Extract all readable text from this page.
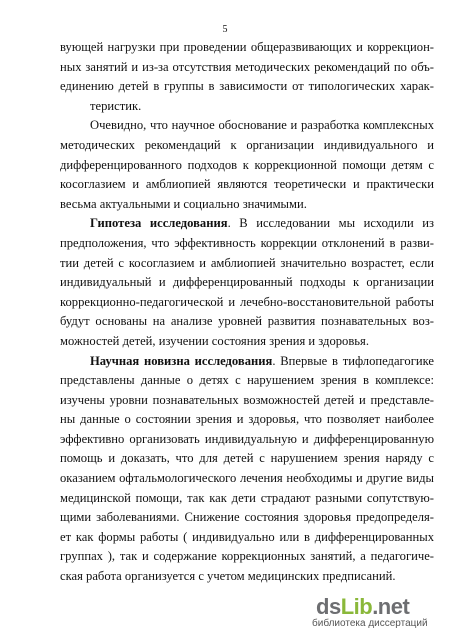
5
вующей нагрузки при проведении общеразвивающих и коррекцион-
ных занятий и из-за отсутствия методических рекомендаций по объ-
единению детей в группы в зависимости от типологических харак-
теристик.
Очевидно, что научное обоснование и разработка комплексных
методических рекомендаций к организации индивидуального и
дифференцированного подходов к коррекционной помощи детям с
косоглазием и амблиопией являются теоретически и практически
весьма актуальными и социально значимыми.
Гипотеза исследования. В исследовании мы исходили из
предположения, что эффективность коррекции отклонений в разви-
тии детей с косоглазием и амблиопией значительно возрастет, если
индивидуальный и дифференцированный подходы к организации
коррекционно-педагогической и лечебно-восстановительной работы
будут основаны на анализе уровней развития познавательных воз-
можностей детей, изучении состояния зрения и здоровья.
Научная новизна исследования. Впервые в тифлопедагогике
представлены данные о детях с нарушением зрения в комплексе:
изучены уровни познавательных возможностей детей и представле-
ны данные о состоянии зрения и здоровья, что позволяет наиболее
эффективно организовать индивидуальную и дифференцированную
помощь и доказать, что для детей с нарушением зрения наряду с
оказанием офтальмологического лечения необходимы и другие виды
медицинской помощи, так как дети страдают разными сопутствую-
щими заболеваниями. Снижение состояния здоровья предопределя-
ет как формы работы ( индивидуально или в дифференцированных
группах ), так и содержание коррекционных занятий, а педагогиче-
ская работа организуется с учетом медицинских предписаний.
dsLib.net
библиотека диссертаций
